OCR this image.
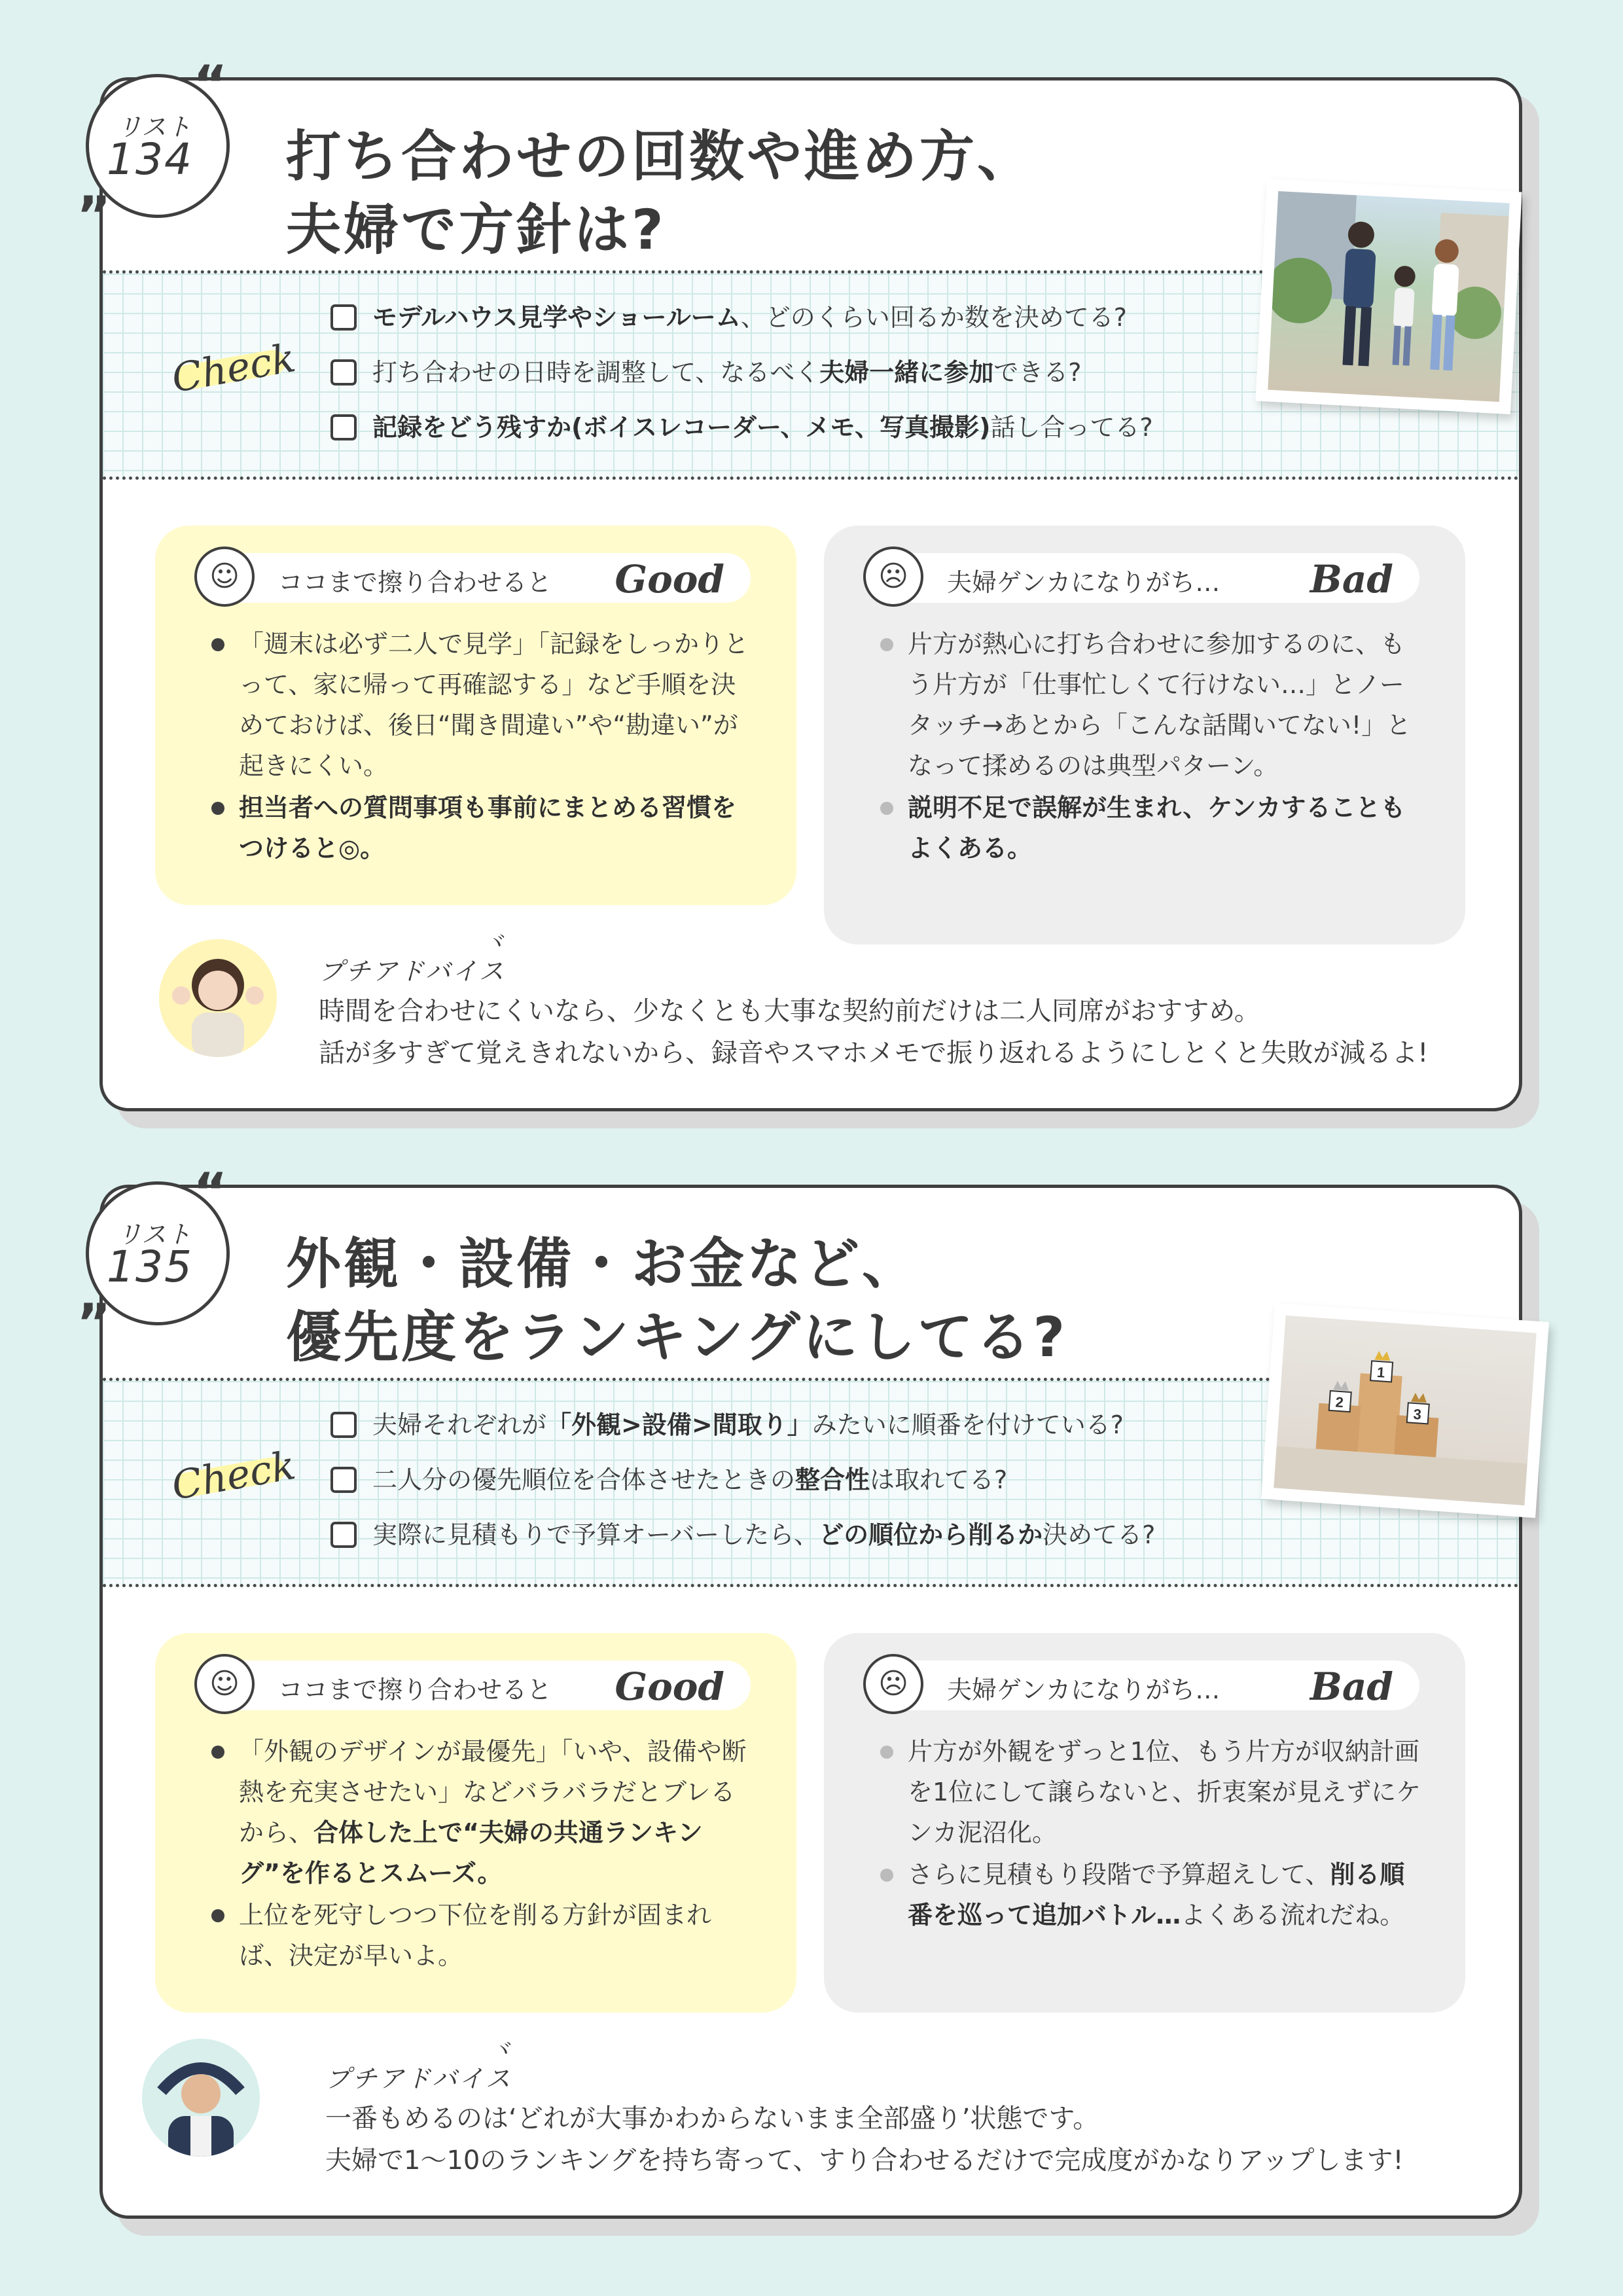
“
”
リスト
134 打ち合わせの回数や進め方、
夫婦で方針は?
Check
モデルハウス見学やショールーム 、どのくらい回るか数を決めてる?
打ち合わせの日時を調整して、なるべく 夫婦一緒に参加 できる?
記録をどう残すか(ボイスレコーダー、メモ、写真撮影) 話し合ってる?
☺	ココまで擦り合わせると Good

「週末は必ず二人で見学」「記録をしっかりとって、家に帰って再確認する」など手順を決めておけば、後日“聞き間違い”や“勘違い”が起きにくい。

担当者への質問事項も事前にまとめる習慣をつけると◎。

☹	夫婦ゲンカになりがち… Bad

片方が熱心に打ち合わせに参加するのに、もう片方が「仕事忙しくて行けない…」とノータッチ→あとから「こんな話聞いてない!」となって揉めるのは典型パターン。

説明不足で誤解が生まれ、ケンカすることもよくある。

プチアドバイス
ヾ
時間を合わせにくいなら、少なくとも大事な契約前だけは二人同席がおすすめ。
話が多すぎて覚えきれないから、録音やスマホメモで振り返れるようにしとくと失敗が減るよ!
“
”
リスト
135 外観・設備・お金など、
優先度をランキングにしてる?
Check
夫婦それぞれが 「外観>設備>間取り」 みたいに順番を付けている?
二人分の優先順位を合体させたときの 整合性 は取れてる?
実際に見積もりで予算オーバーしたら、 どの順位から削るか 決めてる?
1
2
3
☺	ココまで擦り合わせると Good

「外観のデザインが最優先」「いや、設備や断熱を充実させたい」などバラバラだとブレるから、合体した上で“夫婦の共通ランキング”を作るとスムーズ。

上位を死守しつつ下位を削る方針が固まれば、決定が早いよ。

☹	夫婦ゲンカになりがち… Bad

片方が外観をずっと1位、もう片方が収納計画を1位にして譲らないと、折衷案が見えずにケンカ泥沼化。

さらに見積もり段階で予算超えして、削る順番を巡って追加バトル…よくある流れだね。

プチアドバイス
ヾ
一番もめるのは‘どれが大事かわからないまま全部盛り’状態です。
夫婦で1〜10のランキングを持ち寄って、すり合わせるだけで完成度がかなりアップします!
